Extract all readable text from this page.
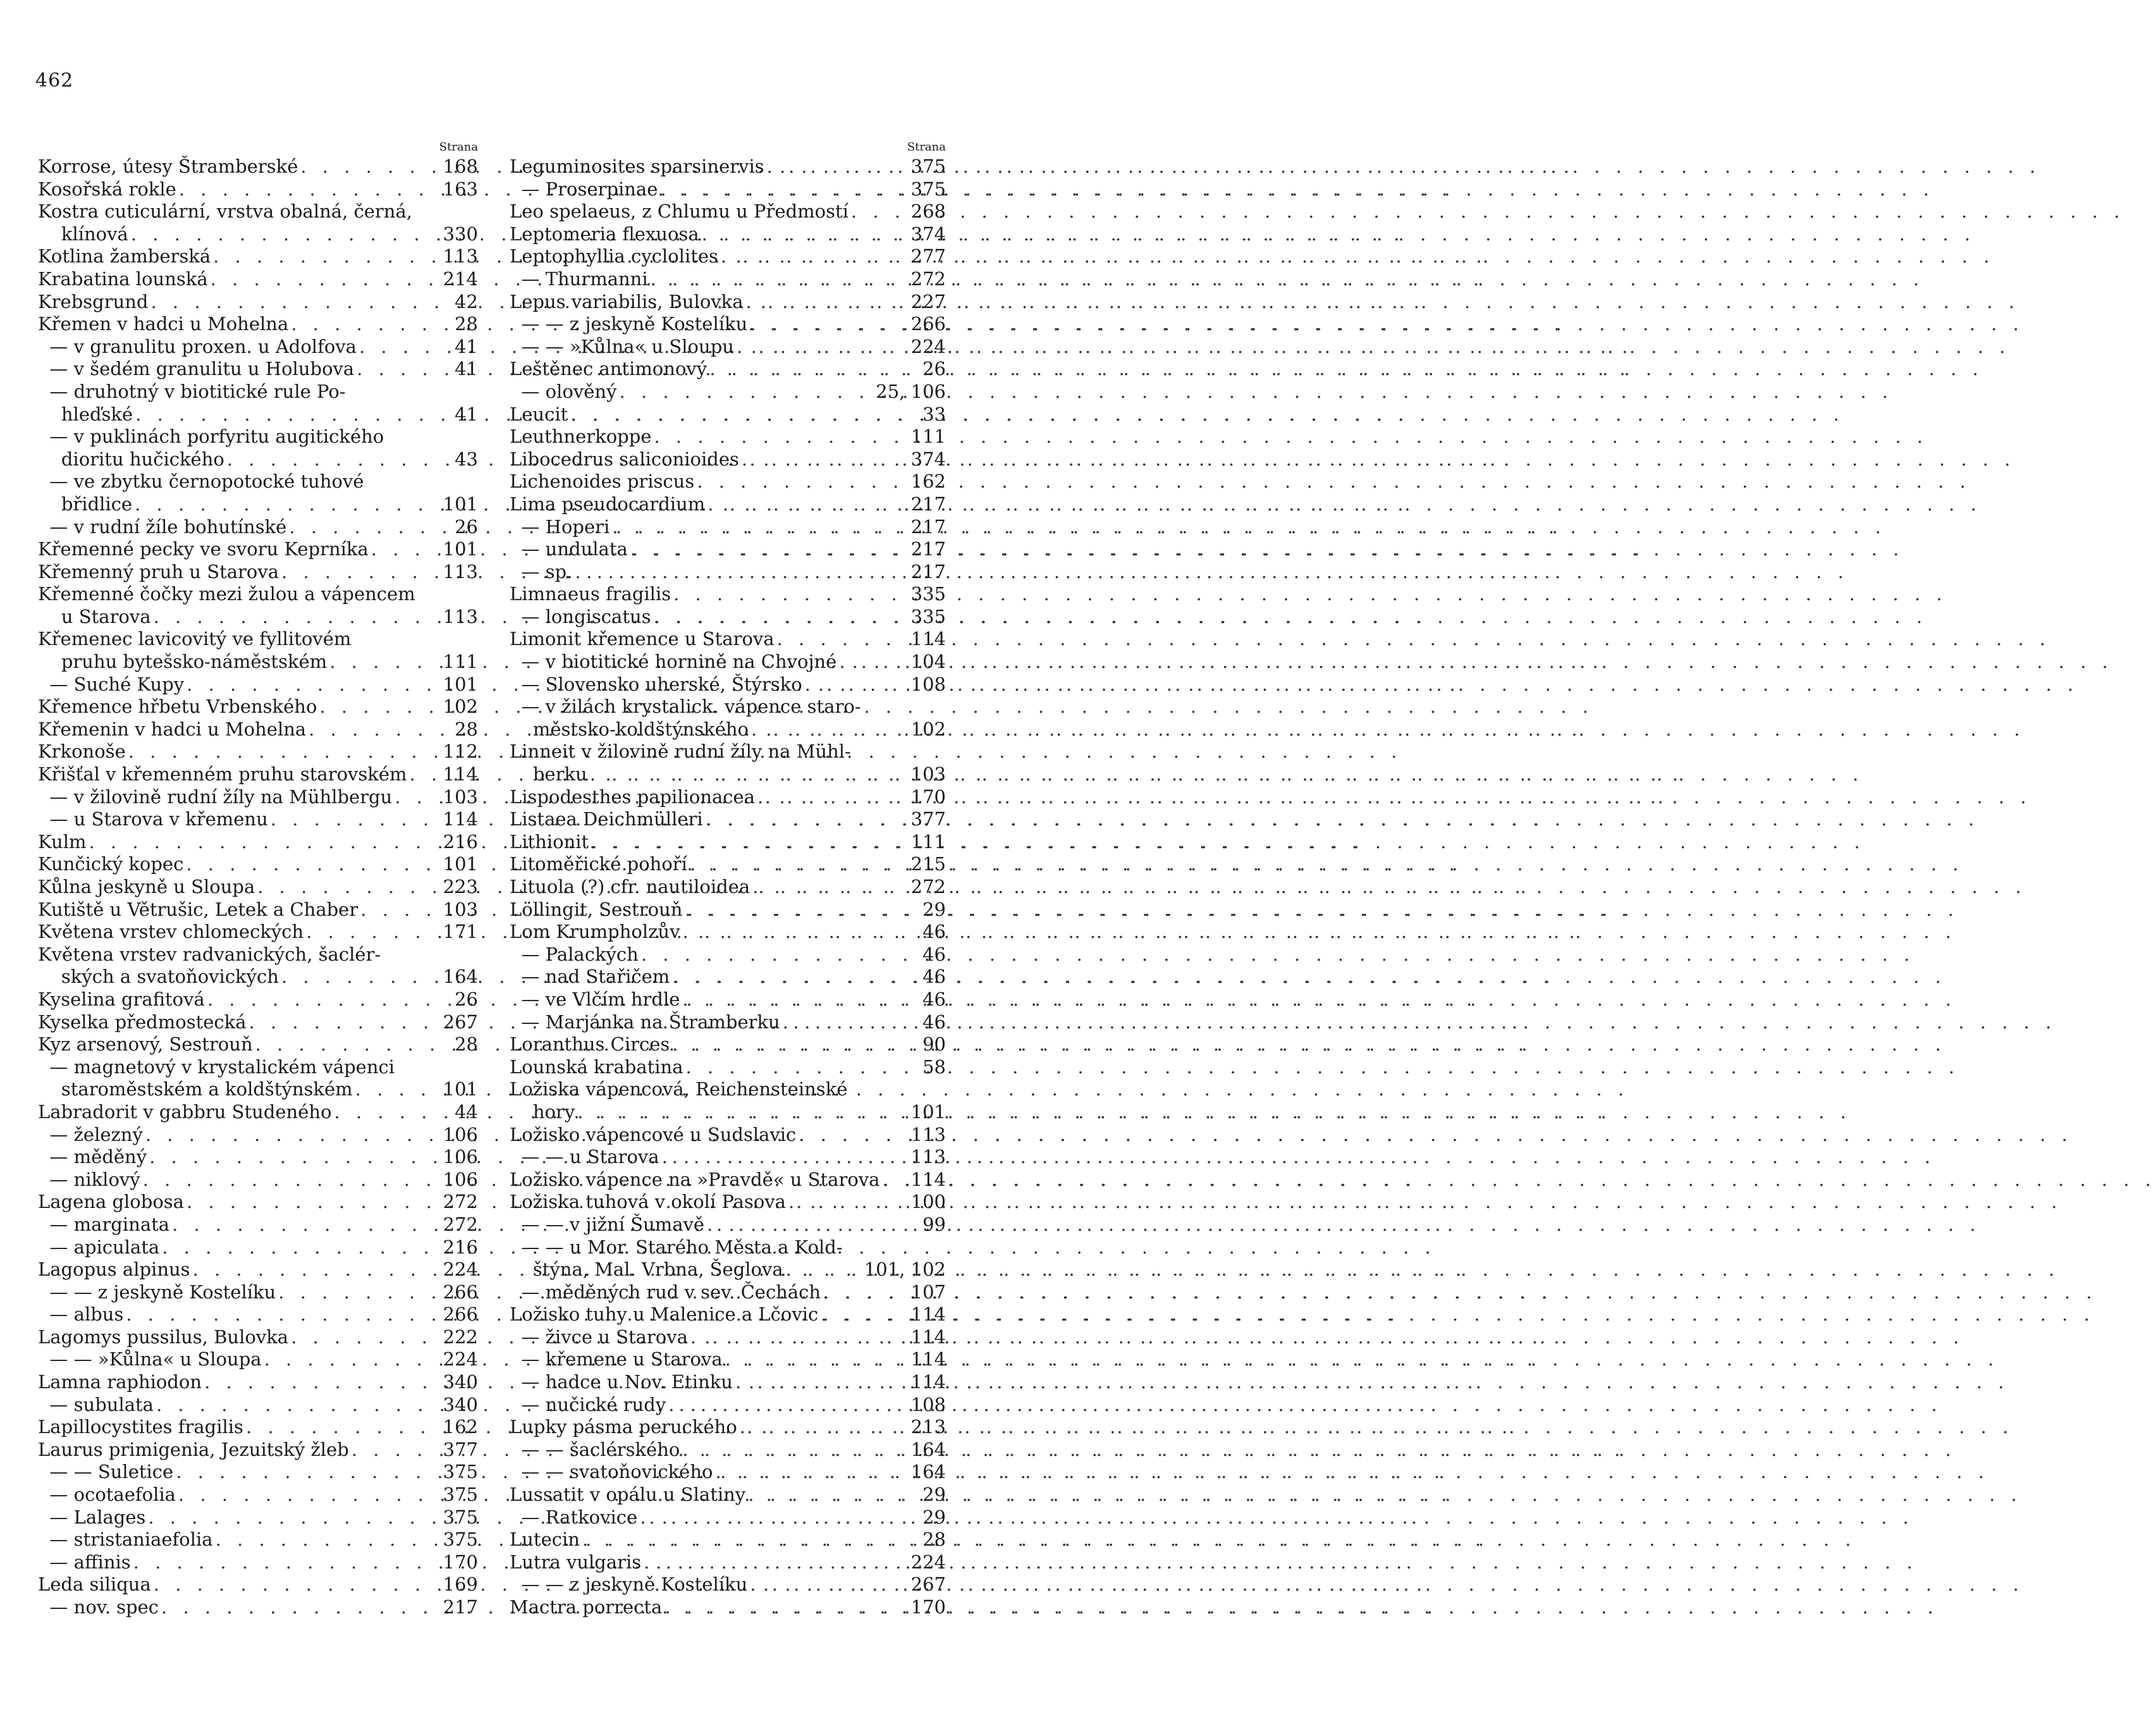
462
Strana
Korrose, útesy Štramberské . . .	168
Kosořská rokle . . .	163
Kostra cuticulární, vrstva obalná, černá,
klínová . . .	330
Kotlina žamberská . . .	113
Krabatina lounská . . .	214
Krebsgrund . . .	42
Křemen v hadci u Mohelna . . .	28
— v granulitu proxen. u Adolfova . . .	41
— v šedém granulitu u Holubova . . .	41
— druhotný v biotitické rule Po-
hleďské . . .	41
— v puklinách porfyritu augitického
dioritu hučického . . .	43
— ve zbytku černopotocké tuhové
břidlice . . .	101
— v rudní žíle bohutínské . . .	26
Křemenné pecky ve svoru Keprníka . . .	101
Křemenný pruh u Starova . . .	113
Křemenné čočky mezi žulou a vápencem
u Starova . . .	113
Křemenec lavicovitý ve fyllitovém
pruhu bytešsko-náměstském . . .	111
— Suché Kupy . . .	101
Křemence hřbetu Vrbenského . . .	102
Křemenin v hadci u Mohelna . . .	28
Krkonoše . . .	112
Křišťal v křemenném pruhu starovském . . . 114
— v žilovině rudní žíly na Mühlbergu . . .	103
— u Starova v křemenu . . .	114
Kulm . . .	216
Kunčický kopec . . .	101
Kůlna jeskyně u Sloupa . . .	223
Kutiště u Větrušic, Letek a Chaber . . .	103
Květena vrstev chlomeckých . . .	171
Květena vrstev radvanických, šaclér-
ských a svatoňovických . . .	164
Kyselina grafitová . . .	26
Kyselka předmostecká . . .	267
Kyz arsenový, Sestrouň . . .	28
— magnetový v krystalickém vápenci
staroměstském a koldštýnském . . .	101
Labradorit v gabbru Studeného . . .	44
— železný . . .	106
— měděný . . .	106
— niklový . . .	106
Lagena globosa . . .	272
— marginata . . .	272
— apiculata . . .	216
Lagopus alpinus . . .	224
— — z jeskyně Kostelíku . . .	266
— albus . . .	266
Lagomys pussilus, Bulovka . . .	222
— — »Kůlna« u Sloupa . . .	224
Lamna raphiodon . . .	340
— subulata . . .	340
Lapillocystites fragilis . . .	162
Laurus primigenia, Jezuitský žleb . . .	377
— — Suletice . . .	375
— ocotaefolia . . .	375
— Lalages . . .	375
— stristaniaefolia . . .	375
— affinis . . .	170
Leda siliqua . . .	169
— nov. spec . . .	217
Strana
Leguminosites sparsinervis . . .	375
— Proserpinae . . .	375
Leo spelaeus, z Chlumu u Předmostí . . .	268
Leptomeria flexuosa . . .	374
Leptophyllia cyclolites . . .	277
— Thurmanni . . .	272
Lepus variabilis, Bulovka . . .	227
— — z jeskyně Kostelíku . . .	266
— — »Kůlna« u Sloupu . . .	224
Leštěnec antimonový . . .	26
— olověný . . .	25, 106
Leucit . . .	33
Leuthnerkoppe . . .	111
Libocedrus saliconioides . . .	374
Lichenoides priscus . . .	162
Lima pseudocardium . . .	217
— Hoperi . . .	217
— undulata . . .	217
— sp. . . .	217
Limnaeus fragilis . . .	335
— longiscatus . . .	335
Limonit křemence u Starova . . .	114
— v biotitické hornině na Chvojné . . .	104
— Slovensko uherské, Štýrsko . . .	108
— v žilách krystalick. vápence staro-
městsko-koldštýnského . . .	102
Linneit v žilovině rudní žíly na Mühl-
berku . . .	103
Lispodesthes papilionacea . . .	170
Listaea Deichmülleri . . .	377
Lithionit . . .	111
Litoměřické pohoří . . .	215
Lituola (?) cfr. nautiloidea . . .	272
Löllingit, Sestrouň . . .	29
Lom Krumpholzův . . .	46
— Palackých . . .	46
— nad Stařičem . . .	46
— ve Vlčím hrdle . . .	46
— Marjánka na Štramberku . . .	46
Loranthus Circes . . .	90
Lounská krabatina . . .	58
Ložiska vápencová, Reichensteinské
hory . . .	101
Ložisko vápencové u Sudslavic . . .	113
— — u Starova . . .	113
Ložisko vápence na »Pravdě« u Starova . . . 114
Ložiska tuhová v okolí Pasova . . .	100
— — v jižní Šumavě . . .	99
— — u Mor. Starého Města a Kold-
štýna, Mal. Vrbna, Šeglova . . .	101, 102
— měděných rud v sev. Čechách . . .	107
Ložisko tuhy u Malenice a Lčovic . . .	114
— živce u Starova . . .	114
— křemene u Starova . . .	114
— hadce u Nov. Etinku . . .	114
— nučické rudy . . .	108
Lupky pásma peruckého . . .	213
— — šaclérského . . .	164
— — svatoňovického . . .	164
Lussatit v opálu u Slatiny . . .	29
— Ratkovice . . .	29
Lutecin . . .	28
Lutra vulgaris . . .	224
— — z jeskyně Kostelíku . . .	267
Mactra porrecta . . .	170
